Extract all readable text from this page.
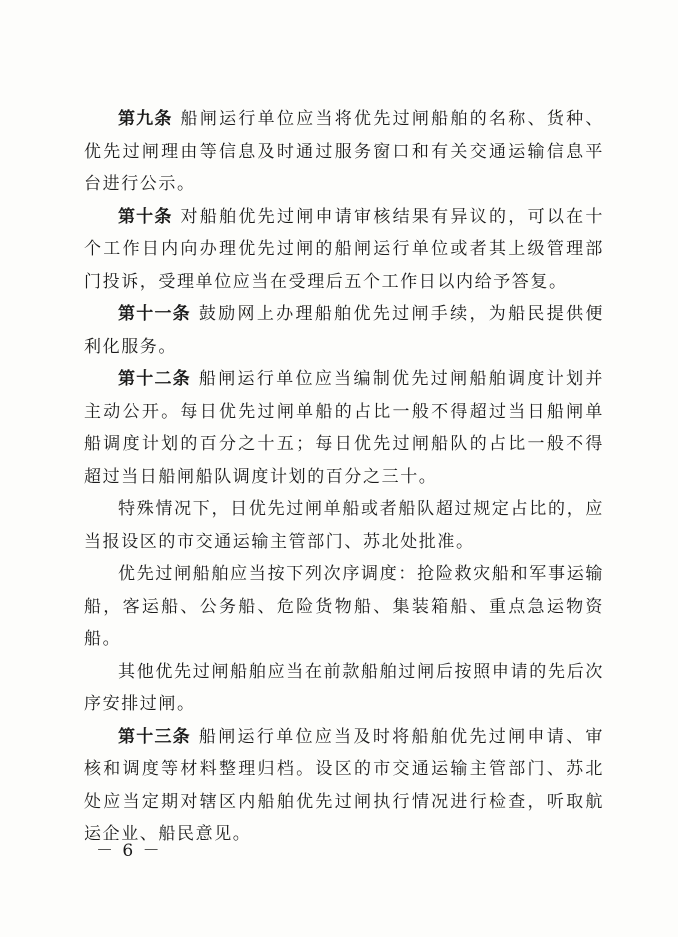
第九条 船闸运行单位应当将优先过闸船舶的名称、货种、优先过闸理由等信息及时通过服务窗口和有关交通运输信息平台进行公示。

第十条 对船舶优先过闸申请审核结果有异议的，可以在十个工作日内向办理优先过闸的船闸运行单位或者其上级管理部门投诉，受理单位应当在受理后五个工作日以内给予答复。

第十一条 鼓励网上办理船舶优先过闸手续，为船民提供便利化服务。

第十二条 船闸运行单位应当编制优先过闸船舶调度计划并主动公开。每日优先过闸单船的占比一般不得超过当日船闸单船调度计划的百分之十五；每日优先过闸船队的占比一般不得超过当日船闸船队调度计划的百分之三十。

特殊情况下，日优先过闸单船或者船队超过规定占比的，应当报设区的市交通运输主管部门、苏北处批准。

优先过闸船舶应当按下列次序调度：抢险救灾船和军事运输船，客运船、公务船、危险货物船、集装箱船、重点急运物资船。

其他优先过闸船舶应当在前款船舶过闸后按照申请的先后次序安排过闸。

第十三条 船闸运行单位应当及时将船舶优先过闸申请、审核和调度等材料整理归档。设区的市交通运输主管部门、苏北处应当定期对辖区内船舶优先过闸执行情况进行检查，听取航运企业、船民意见。

－ 6 －
